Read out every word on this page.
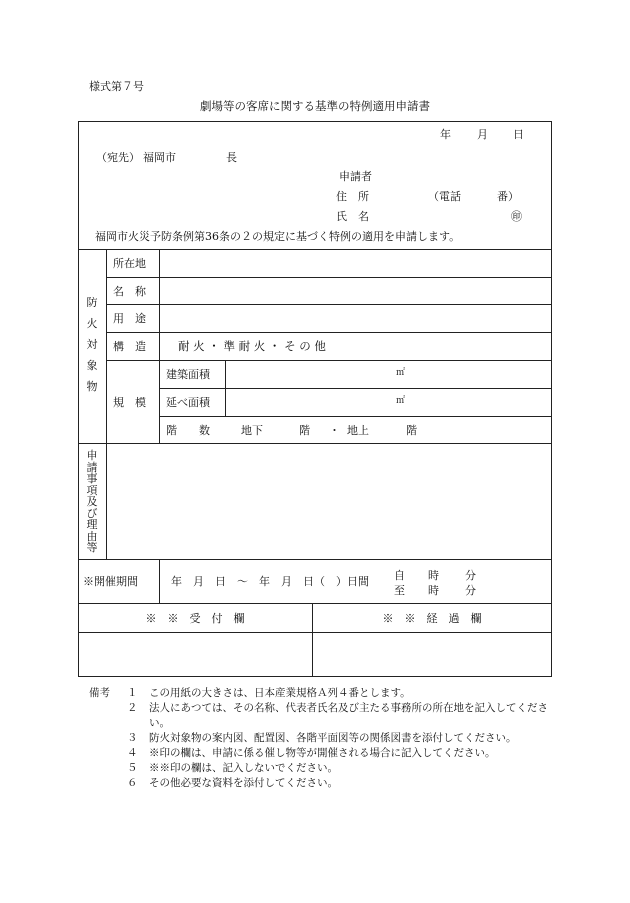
様式第７号
劇場等の客席に関する基準の特例適用申請書
年 月 日
（宛先） 福岡市	長
申請者
住　所	（電話	番）
氏　名	㊞
福岡市火災予防条例第36条の２の規定に基づく特例の適用を申請します。
防
火
対
象
物
所在地
名　称
用　途
構　造	耐 火 ・ 準 耐 火 ・ そ の 他
規　模
建築面積	㎡
延べ面積	㎡
階　　数	地下	階 ・ 地上	階
申
請
事
項
及
び
理
由
等
※開催期間	年　月　日　～　年　月　日（　）日間 自 時 分
至 時 分
※　※　受　付　欄	※　※　経　過　欄
備考 １ この用紙の大きさは、日本産業規格Ａ列４番とします。
２ 法人にあつては、その名称、代表者氏名及び主たる事務所の所在地を記入してください。
３ 防火対象物の案内図、配置図、各階平面図等の関係図書を添付してください。
４ ※印の欄は、申請に係る催し物等が開催される場合に記入してください。
５ ※※印の欄は、記入しないでください。
６ その他必要な資料を添付してください。
